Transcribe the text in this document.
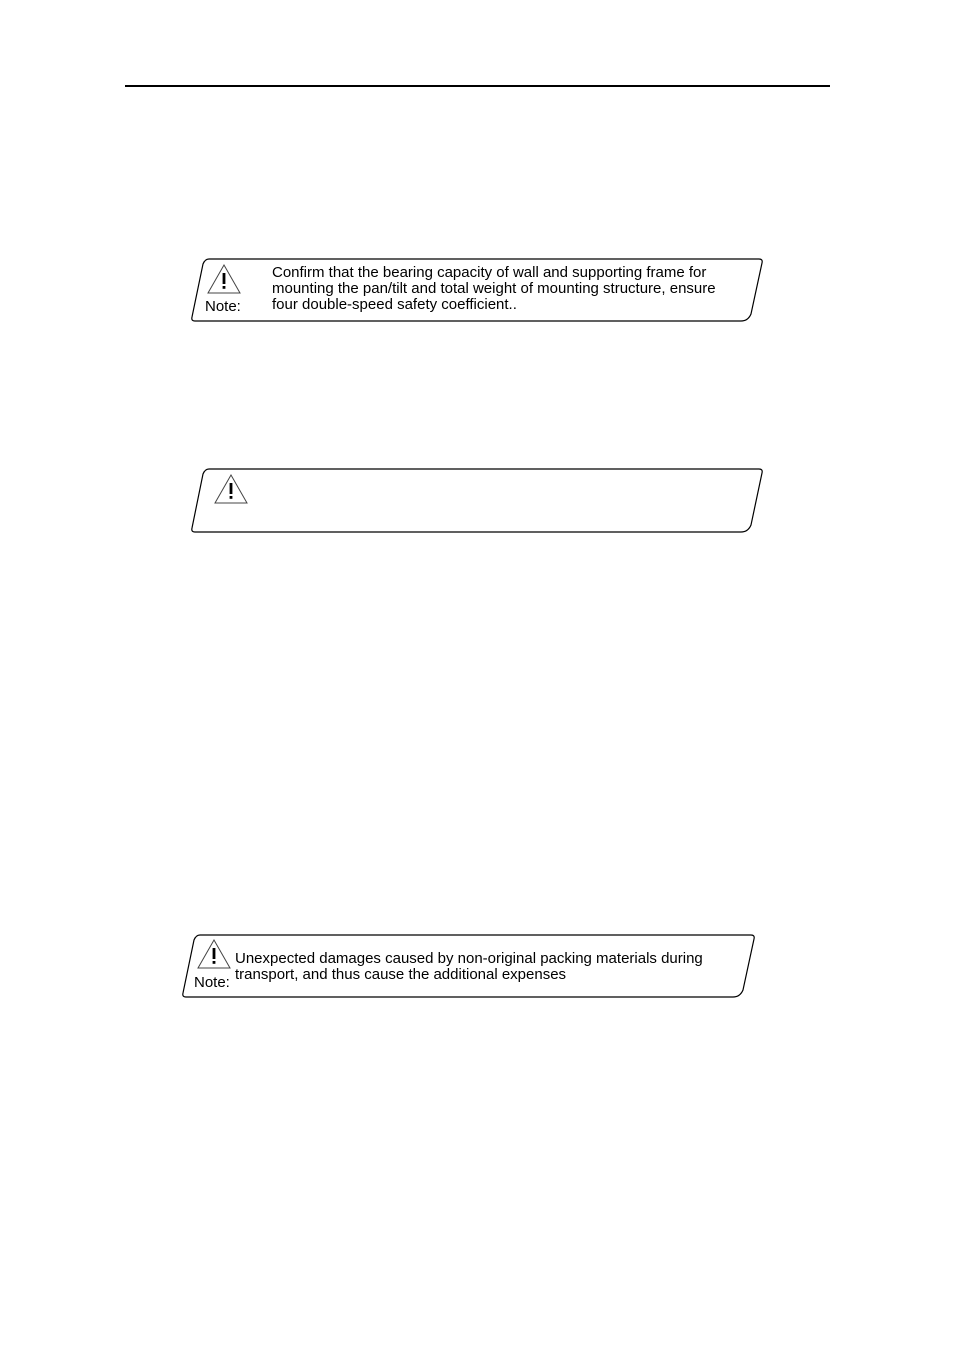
Note:
Confirm that the bearing capacity of wall and supporting frame for
mounting the pan/tilt and total weight of mounting structure, ensure
four double-speed safety coefficient..
Note:
Unexpected damages caused by non-original packing materials during
transport, and thus cause the additional expenses
